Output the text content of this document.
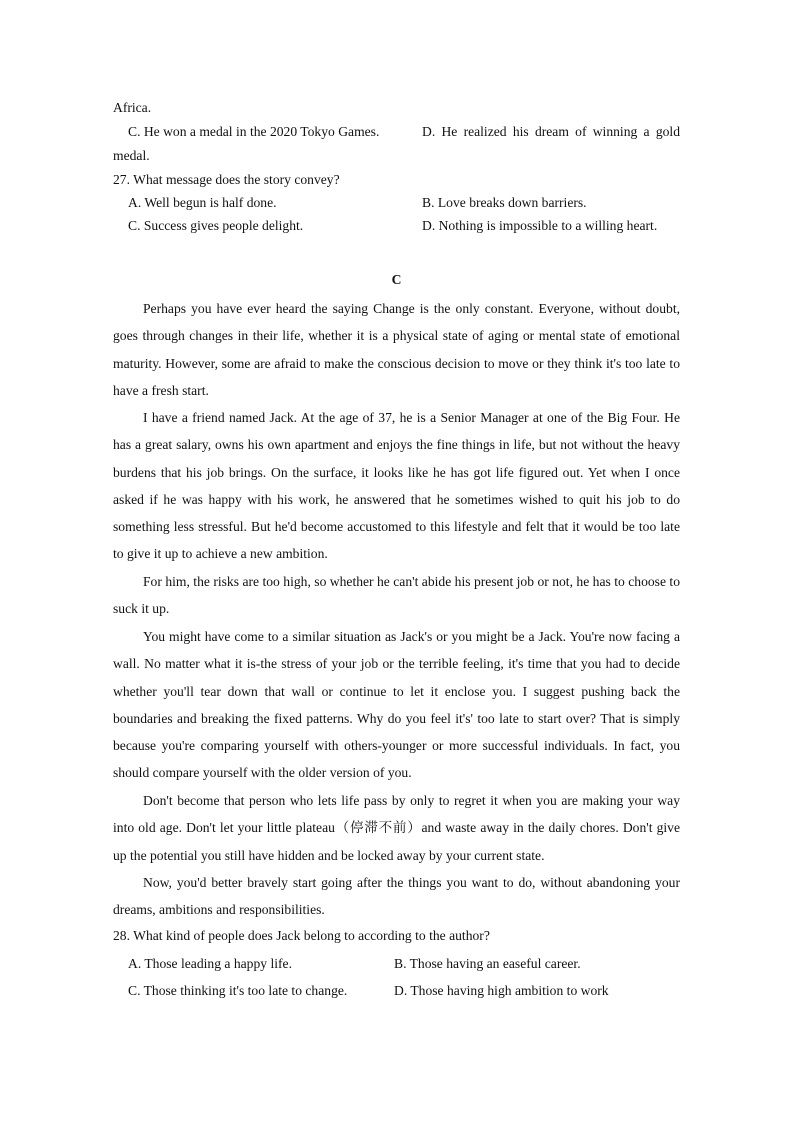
Africa.
C. He won a medal in the 2020 Tokyo Games.	D. He realized his dream of winning a gold
medal.
27. What message does the story convey?
A. Well begun is half done.	B. Love breaks down barriers.
C. Success gives people delight.	D. Nothing is impossible to a willing heart.
C
Perhaps you have ever heard the saying Change is the only constant. Everyone, without doubt, goes through changes in their life, whether it is a physical state of aging or mental state of emotional maturity. However, some are afraid to make the conscious decision to move or they think it's too late to have a fresh start.
I have a friend named Jack. At the age of 37, he is a Senior Manager at one of the Big Four. He has a great salary, owns his own apartment and enjoys the fine things in life, but not without the heavy burdens that his job brings. On the surface, it looks like he has got life figured out. Yet when I once asked if he was happy with his work, he answered that he sometimes wished to quit his job to do something less stressful. But he'd become accustomed to this lifestyle and felt that it would be too late to give it up to achieve a new ambition.
For him, the risks are too high, so whether he can't abide his present job or not, he has to choose to suck it up.
You might have come to a similar situation as Jack's or you might be a Jack. You're now facing a wall. No matter what it is-the stress of your job or the terrible feeling, it's time that you had to decide whether you'll tear down that wall or continue to let it enclose you. I suggest pushing back the boundaries and breaking the fixed patterns. Why do you feel it's' too late to start over? That is simply because you're comparing yourself with others-younger or more successful individuals. In fact, you should compare yourself with the older version of you.
Don't become that person who lets life pass by only to regret it when you are making your way into old age. Don't let your little plateau（停滞不前）and waste away in the daily chores. Don't give up the potential you still have hidden and be locked away by your current state.
Now, you'd better bravely start going after the things you want to do, without abandoning your dreams, ambitions and responsibilities.
28. What kind of people does Jack belong to according to the author?
A. Those leading a happy life.	B. Those having an easeful career.
C. Those thinking it's too late to change.	D. Those having high ambition to work
